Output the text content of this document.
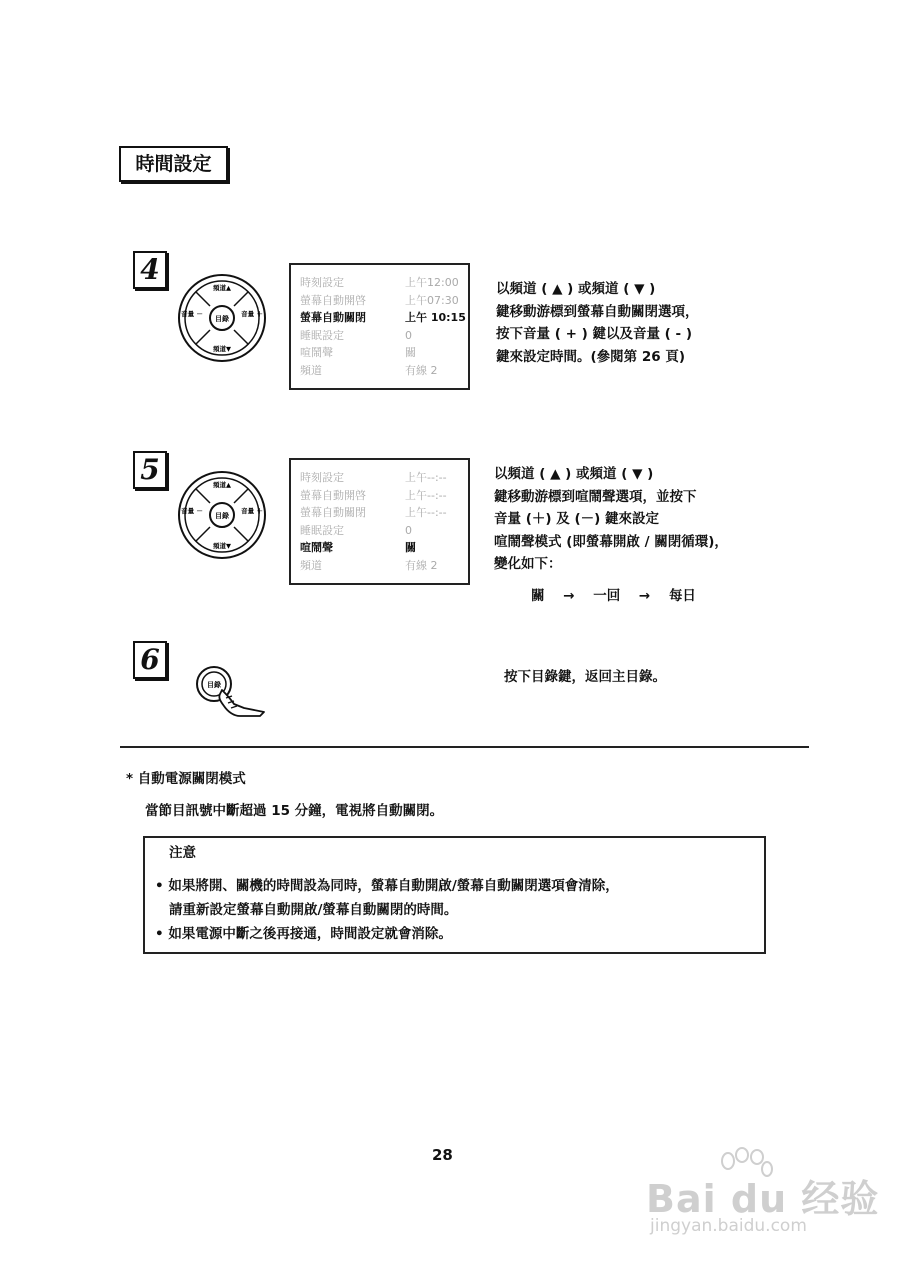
時間設定
4
目錄
頻道▲
頻道▼
音量 －	音量 ＋
時刻設定	上午12:00
螢幕自動開啓	上午07:30
螢幕自動關閉	上午 10:15
睡眠設定	0
喧鬧聲	關
頻道	有線 2
以頻道 ( ▲ ) 或頻道 ( ▼ )
鍵移動游標到螢幕自動關閉選項，
按下音量 ( + ) 鍵以及音量 ( - )
鍵來設定時間。(參閱第 26 頁)
5
目錄
頻道▲
頻道▼
音量 －	音量 ＋
時刻設定	上午--:--
螢幕自動開啓	上午--:--
螢幕自動關閉	上午--:--
睡眠設定	0
喧鬧聲	關
頻道	有線 2
以頻道 ( ▲ ) 或頻道 ( ▼ )
鍵移動游標到喧鬧聲選項，並按下
音量 (＋) 及 (－) 鍵來設定
喧鬧聲模式 (即螢幕開啟 / 關閉循環)，
變化如下：
關 → 一回 → 每日
6
目錄	按下目錄鍵，返回主目錄。
* 自動電源關閉模式
當節目訊號中斷超過 15 分鐘，電視將自動關閉。
注意
• 如果將開、關機的時間設為同時，螢幕自動開啟/螢幕自動關閉選項會清除，
請重新設定螢幕自動開啟/螢幕自動關閉的時間。
• 如果電源中斷之後再接通，時間設定就會消除。
28
Bai du 经验
jingyan.baidu.com
